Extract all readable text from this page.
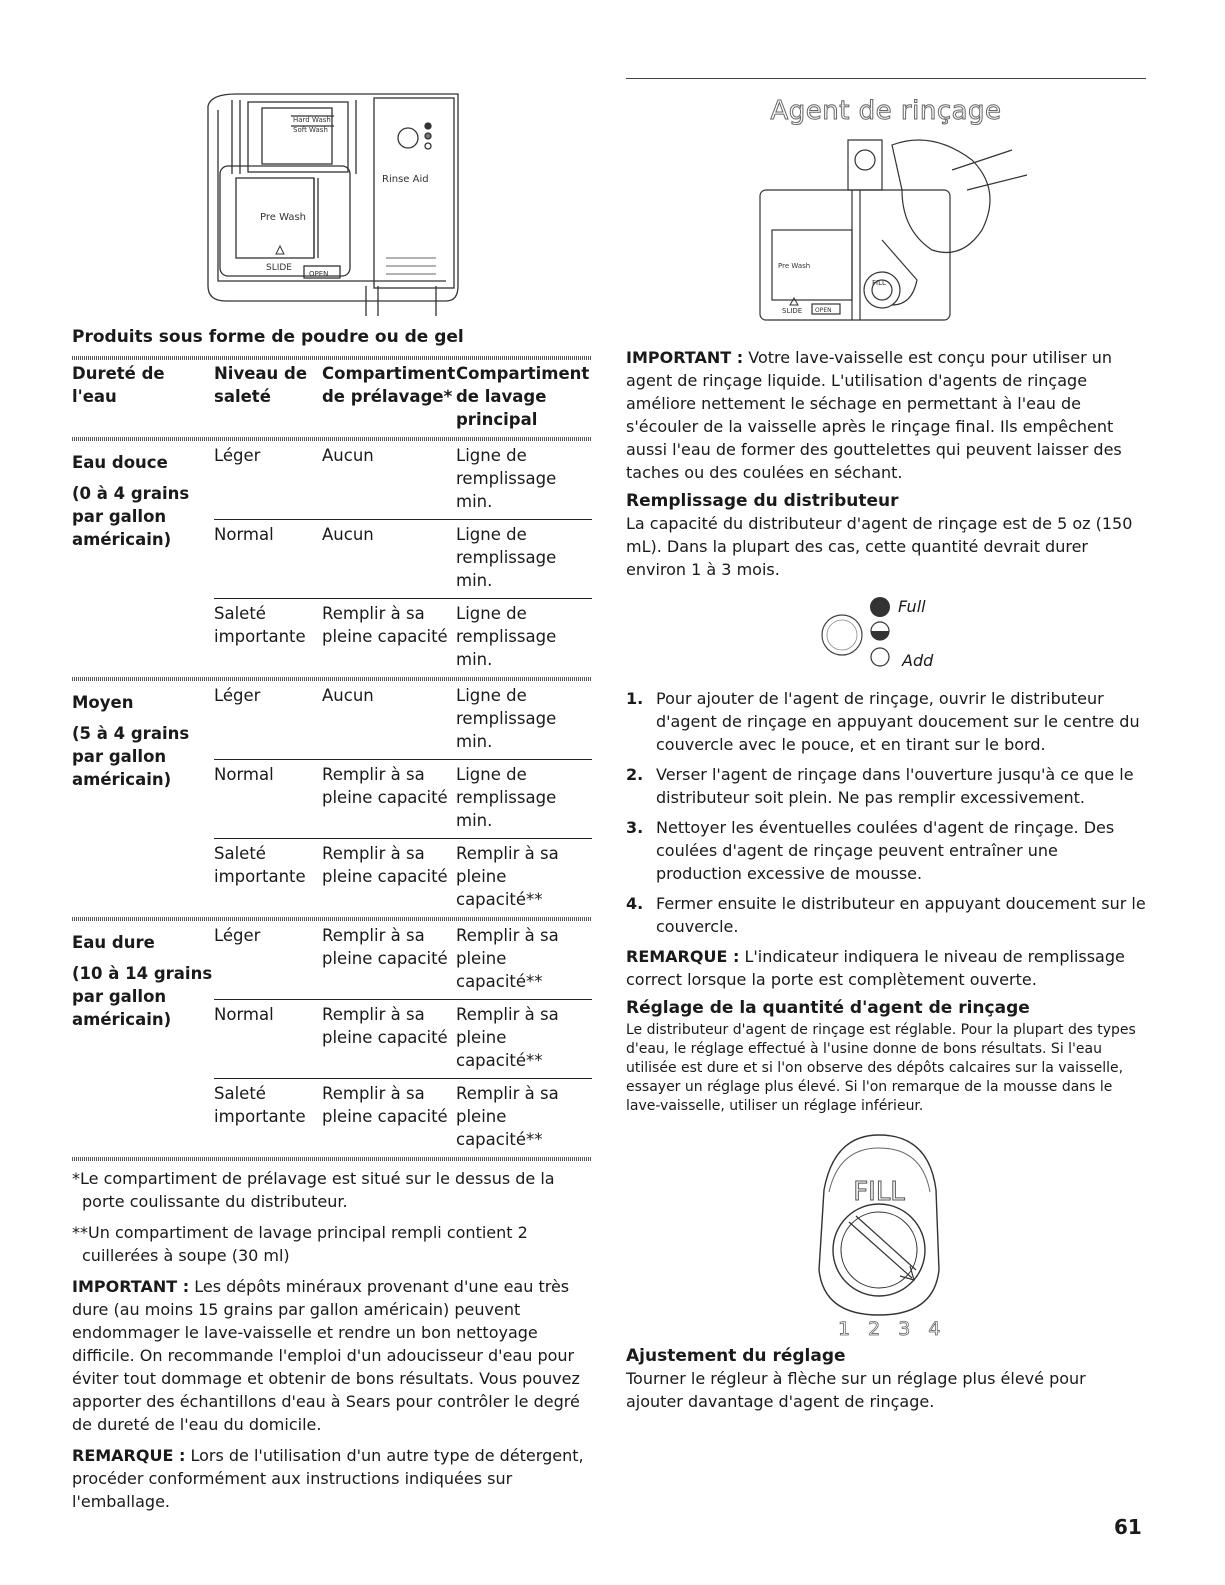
Hard Wash
Soft Wash
Pre Wash
Rinse Aid
SLIDE
OPEN
Produits sous forme de poudre ou de gel
Dureté de l'eau	Niveau de saleté	Compartiment de prélavage*	Compartiment de lavage principal
Eau douce
(0 à 4 grains par gallon américain)	Léger	Aucun	Ligne de remplissage min.
	Normal	Aucun	Ligne de remplissage min.
	Saleté importante	Remplir à sa pleine capacité	Ligne de remplissage min.
Moyen
(5 à 4 grains par gallon américain)	Léger	Aucun	Ligne de remplissage min.
	Normal	Remplir à sa pleine capacité	Ligne de remplissage min.
	Saleté importante	Remplir à sa pleine capacité	Remplir à sa pleine capacité**
Eau dure
(10 à 14 grains par gallon américain)	Léger	Remplir à sa pleine capacité	Remplir à sa pleine capacité**
	Normal	Remplir à sa pleine capacité	Remplir à sa pleine capacité**
	Saleté importante	Remplir à sa pleine capacité	Remplir à sa pleine capacité**

*Le compartiment de prélavage est situé sur le dessus de la porte coulissante du distributeur.

**Un compartiment de lavage principal rempli contient 2 cuillerées à soupe (30 ml)

IMPORTANT : Les dépôts minéraux provenant d'une eau très dure (au moins 15 grains par gallon américain) peuvent endommager le lave-vaisselle et rendre un bon nettoyage difficile. On recommande l'emploi d'un adoucisseur d'eau pour éviter tout dommage et obtenir de bons résultats. Vous pouvez apporter des échantillons d'eau à Sears pour contrôler le degré de dureté de l'eau du domicile.

REMARQUE : Lors de l'utilisation d'un autre type de détergent, procéder conformément aux instructions indiquées sur l'emballage.

Agent de rinçage
Pre Wash
SLIDE OPEN
FILL

IMPORTANT : Votre lave-vaisselle est conçu pour utiliser un agent de rinçage liquide. L'utilisation d'agents de rinçage améliore nettement le séchage en permettant à l'eau de s'écouler de la vaisselle après le rinçage final. Ils empêchent aussi l'eau de former des gouttelettes qui peuvent laisser des taches ou des coulées en séchant.

Remplissage du distributeur

La capacité du distributeur d'agent de rinçage est de 5 oz (150 mL). Dans la plupart des cas, cette quantité devrait durer environ 1 à 3 mois.

Full
Add
1. Pour ajouter de l'agent de rinçage, ouvrir le distributeur d'agent de rinçage en appuyant doucement sur le centre du couvercle avec le pouce, et en tirant sur le bord.
2. Verser l'agent de rinçage dans l'ouverture jusqu'à ce que le distributeur soit plein. Ne pas remplir excessivement.
3. Nettoyer les éventuelles coulées d'agent de rinçage. Des coulées d'agent de rinçage peuvent entraîner une production excessive de mousse.
4. Fermer ensuite le distributeur en appuyant doucement sur le couvercle.

REMARQUE : L'indicateur indiquera le niveau de remplissage correct lorsque la porte est complètement ouverte.

Réglage de la quantité d'agent de rinçage

Le distributeur d'agent de rinçage est réglable. Pour la plupart des types d'eau, le réglage effectué à l'usine donne de bons résultats. Si l'eau utilisée est dure et si l'on observe des dépôts calcaires sur la vaisselle, essayer un réglage plus élevé. Si l'on remarque de la mousse dans le lave-vaisselle, utiliser un réglage inférieur.

FILL
1234
Ajustement du réglage

Tourner le régleur à flèche sur un réglage plus élevé pour ajouter davantage d'agent de rinçage.

61
